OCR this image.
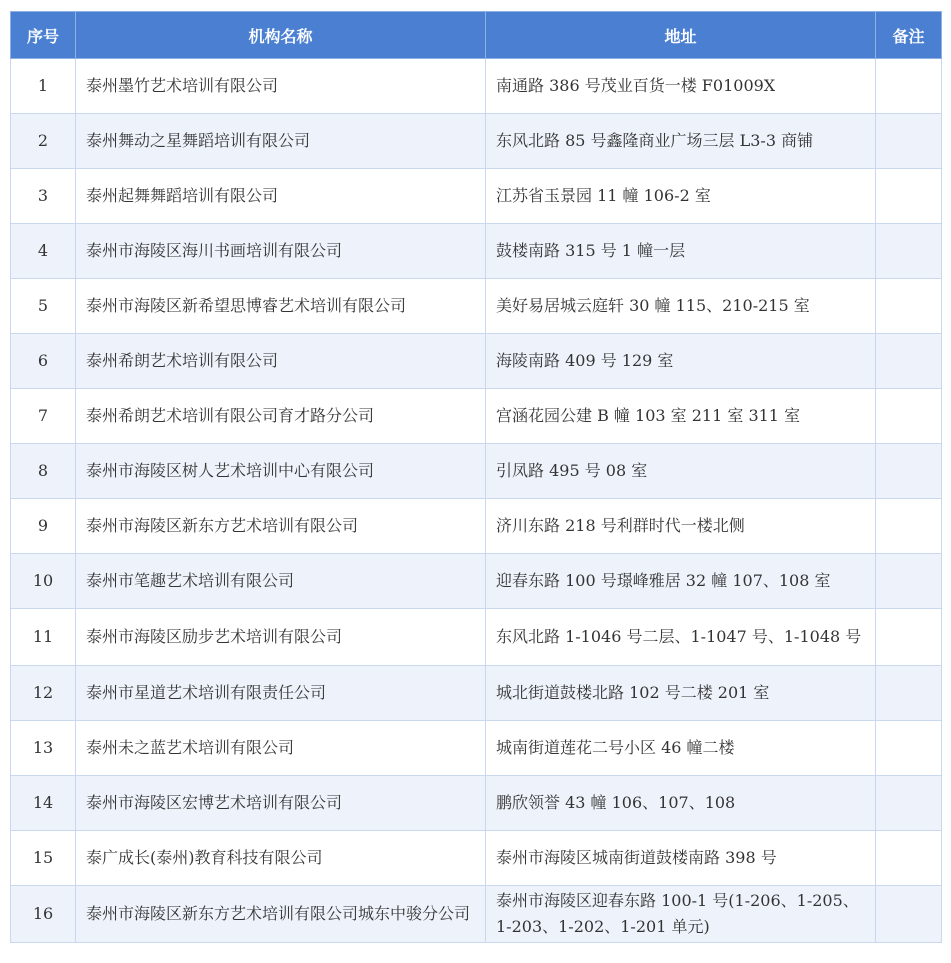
序号	机构名称	地址	备注
1	泰州墨竹艺术培训有限公司	南通路 386 号茂业百货一楼 F01009X	
2	泰州舞动之星舞蹈培训有限公司	东风北路 85 号鑫隆商业广场三层 L3-3 商铺	
3	泰州起舞舞蹈培训有限公司	江苏省玉景园 11 幢 106-2 室	
4	泰州市海陵区海川书画培训有限公司	鼓楼南路 315 号 1 幢一层	
5	泰州市海陵区新希望思博睿艺术培训有限公司	美好易居城云庭轩 30 幢 115、210-215 室	
6	泰州希朗艺术培训有限公司	海陵南路 409 号 129 室	
7	泰州希朗艺术培训有限公司育才路分公司	宫涵花园公建 B 幢 103 室 211 室 311 室	
8	泰州市海陵区树人艺术培训中心有限公司	引凤路 495 号 08 室	
9	泰州市海陵区新东方艺术培训有限公司	济川东路 218 号利群时代一楼北侧	
10	泰州市笔趣艺术培训有限公司	迎春东路 100 号璟峰雅居 32 幢 107、108 室	
11	泰州市海陵区励步艺术培训有限公司	东风北路 1-1046 号二层、1-1047 号、1-1048 号	
12	泰州市星道艺术培训有限责任公司	城北街道鼓楼北路 102 号二楼 201 室	
13	泰州未之蓝艺术培训有限公司	城南街道莲花二号小区 46 幢二楼	
14	泰州市海陵区宏博艺术培训有限公司	鹏欣领誉 43 幢 106、107、108	
15	泰广成长(泰州)教育科技有限公司	泰州市海陵区城南街道鼓楼南路 398 号	
16	泰州市海陵区新东方艺术培训有限公司城东中骏分公司	泰州市海陵区迎春东路 100-1 号(1-206、1-205、1-203、1-202、1-201 单元)	
